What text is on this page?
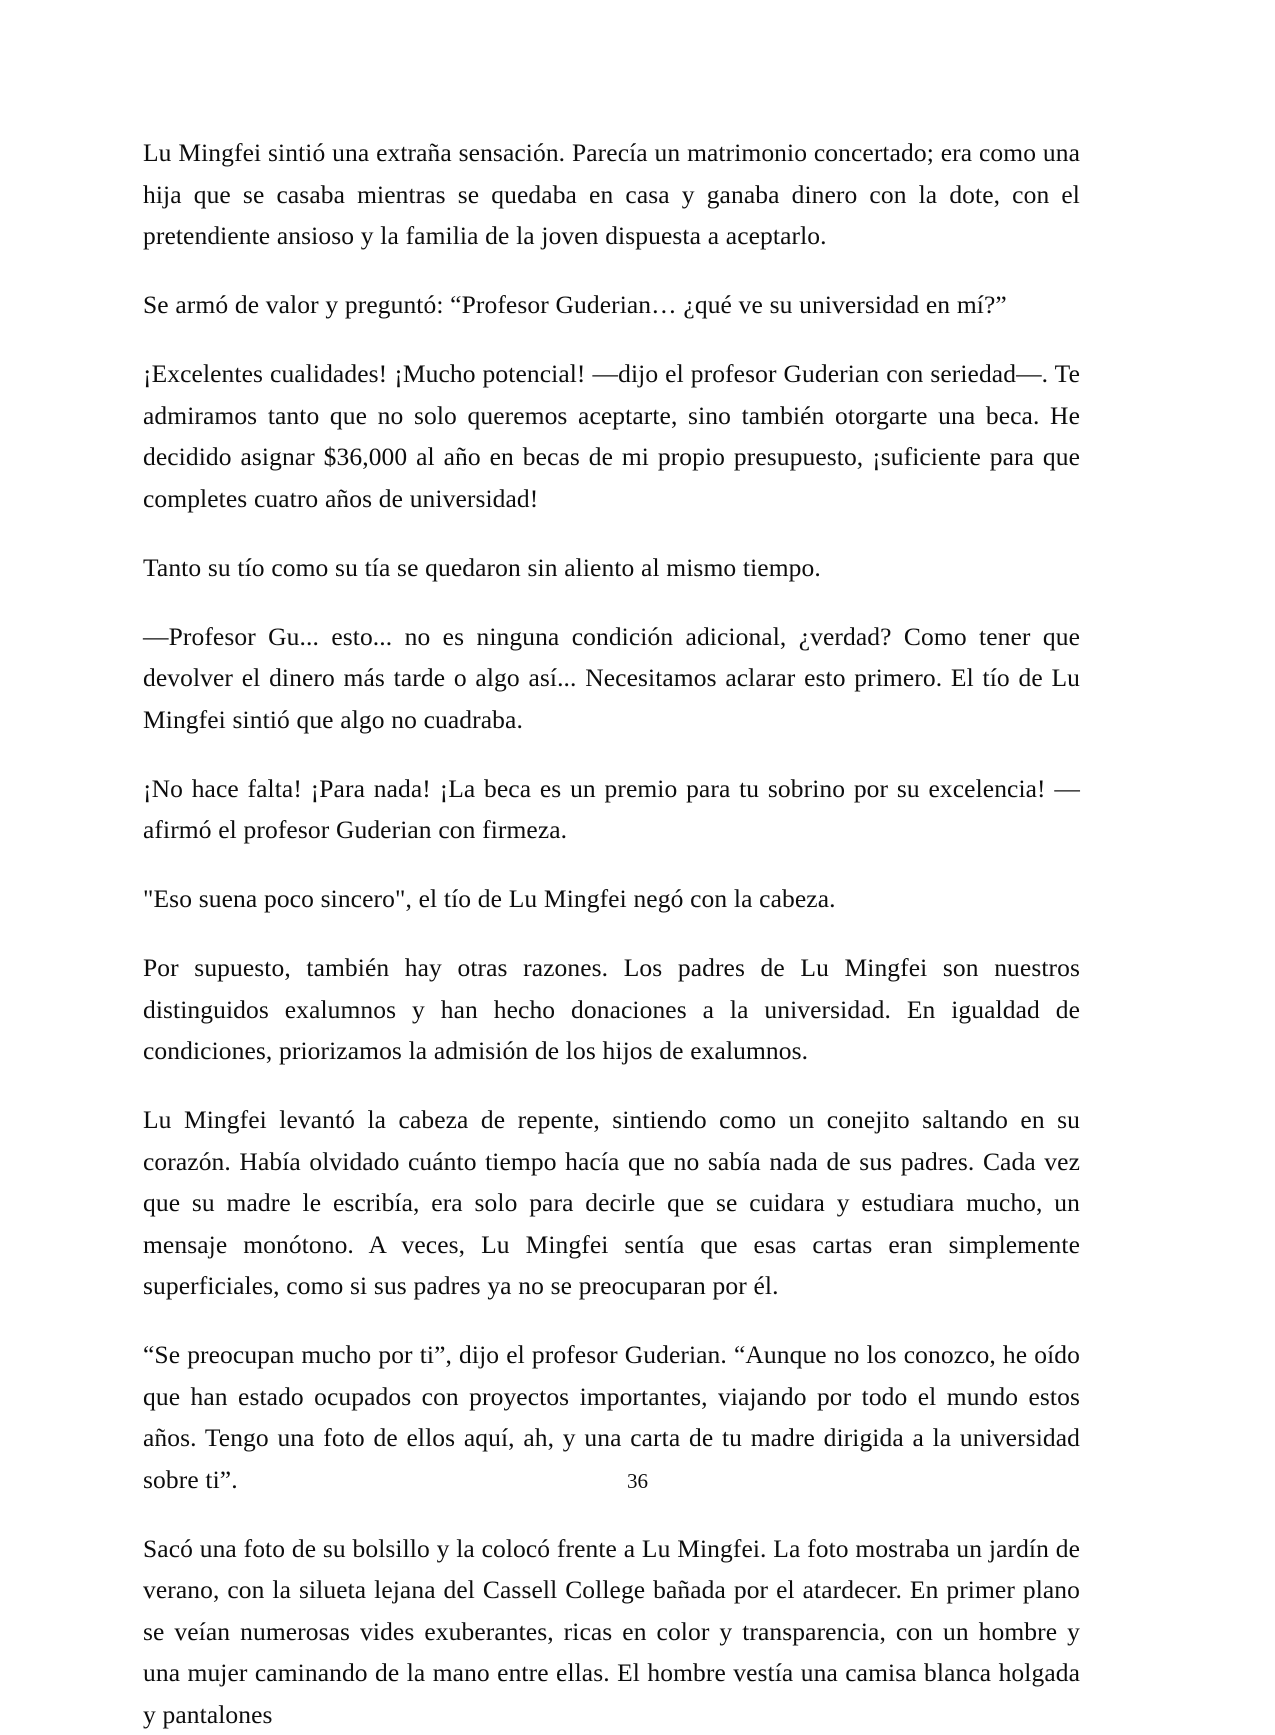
Lu Mingfei sintió una extraña sensación. Parecía un matrimonio concertado; era como una hija que se casaba mientras se quedaba en casa y ganaba dinero con la dote, con el pretendiente ansioso y la familia de la joven dispuesta a aceptarlo.

Se armó de valor y preguntó: “Profesor Guderian… ¿qué ve su universidad en mí?”

¡Excelentes cualidades! ¡Mucho potencial! —dijo el profesor Guderian con seriedad—. Te admiramos tanto que no solo queremos aceptarte, sino también otorgarte una beca. He decidido asignar $36,000 al año en becas de mi propio presupuesto, ¡suficiente para que completes cuatro años de universidad!

Tanto su tío como su tía se quedaron sin aliento al mismo tiempo.

—Profesor Gu... esto... no es ninguna condición adicional, ¿verdad? Como tener que devolver el dinero más tarde o algo así... Necesitamos aclarar esto primero. El tío de Lu Mingfei sintió que algo no cuadraba.

¡No hace falta! ¡Para nada! ¡La beca es un premio para tu sobrino por su excelencia! —afirmó el profesor Guderian con firmeza.

"Eso suena poco sincero", el tío de Lu Mingfei negó con la cabeza.

Por supuesto, también hay otras razones. Los padres de Lu Mingfei son nuestros distinguidos exalumnos y han hecho donaciones a la universidad. En igualdad de condiciones, priorizamos la admisión de los hijos de exalumnos.

Lu Mingfei levantó la cabeza de repente, sintiendo como un conejito saltando en su corazón. Había olvidado cuánto tiempo hacía que no sabía nada de sus padres. Cada vez que su madre le escribía, era solo para decirle que se cuidara y estudiara mucho, un mensaje monótono. A veces, Lu Mingfei sentía que esas cartas eran simplemente superficiales, como si sus padres ya no se preocuparan por él.

“Se preocupan mucho por ti”, dijo el profesor Guderian. “Aunque no los conozco, he oído que han estado ocupados con proyectos importantes, viajando por todo el mundo estos años. Tengo una foto de ellos aquí, ah, y una carta de tu madre dirigida a la universidad sobre ti”.

Sacó una foto de su bolsillo y la colocó frente a Lu Mingfei. La foto mostraba un jardín de verano, con la silueta lejana del Cassell College bañada por el atardecer. En primer plano se veían numerosas vides exuberantes, ricas en color y transparencia, con un hombre y una mujer caminando de la mano entre ellas. El hombre vestía una camisa blanca holgada y pantalones

36
